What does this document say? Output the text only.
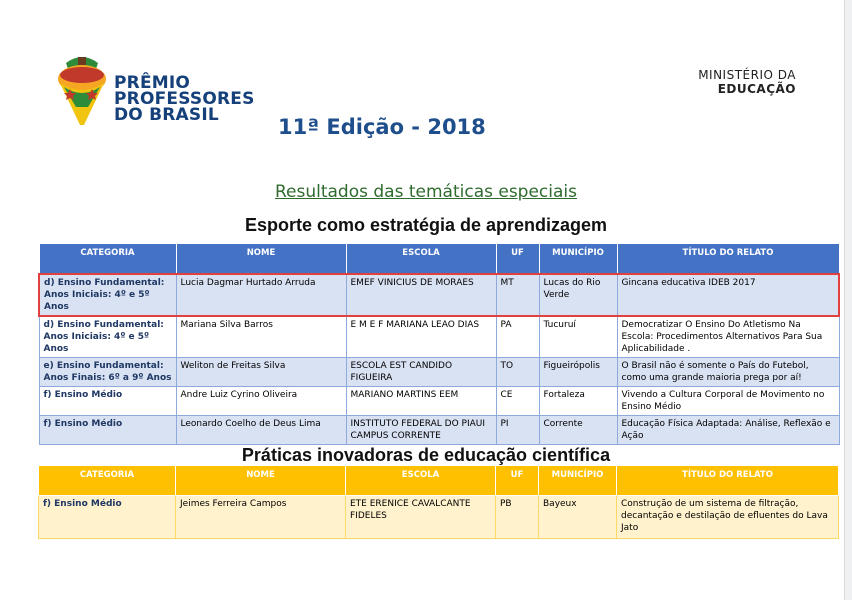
PRÊMIO
PROFESSORES
DO BRASIL
MINISTÉRIO DA
EDUCAÇÃO
11ª Edição - 2018
Resultados das temáticas especiais
Esporte como estratégia de aprendizagem
CATEGORIA	NOME	ESCOLA	UF	MUNICÍPIO	TÍTULO DO RELATO
d) Ensino Fundamental: Anos Iniciais: 4º e 5º Anos	Lucia Dagmar Hurtado Arruda	EMEF VINICIUS DE MORAES	MT	Lucas do Rio Verde	Gincana educativa IDEB 2017
d) Ensino Fundamental: Anos Iniciais: 4º e 5º Anos	Mariana Silva Barros	E M E F MARIANA LEAO DIAS	PA	Tucuruí	Democratizar O Ensino Do Atletismo Na Escola: Procedimentos Alternativos Para Sua Aplicabilidade .
e) Ensino Fundamental: Anos Finais: 6º a 9º Anos	Weliton de Freitas Silva	ESCOLA EST CANDIDO FIGUEIRA	TO	Figueirópolis	O Brasil não é somente o País do Futebol, como uma grande maioria prega por aí!
f) Ensino Médio	Andre Luiz Cyrino Oliveira	MARIANO MARTINS EEM	CE	Fortaleza	Vivendo a Cultura Corporal de Movimento no Ensino Médio
f) Ensino Médio	Leonardo Coelho de Deus Lima	INSTITUTO FEDERAL DO PIAUI CAMPUS CORRENTE	PI	Corrente	Educação Física Adaptada: Análise, Reflexão e Ação
Práticas inovadoras de educação científica
CATEGORIA	NOME	ESCOLA	UF	MUNICÍPIO	TÍTULO DO RELATO
f) Ensino Médio	Jeimes Ferreira Campos	ETE ERENICE CAVALCANTE FIDELES	PB	Bayeux	Construção de um sistema de filtração, decantação e destilação de efluentes do Lava Jato
